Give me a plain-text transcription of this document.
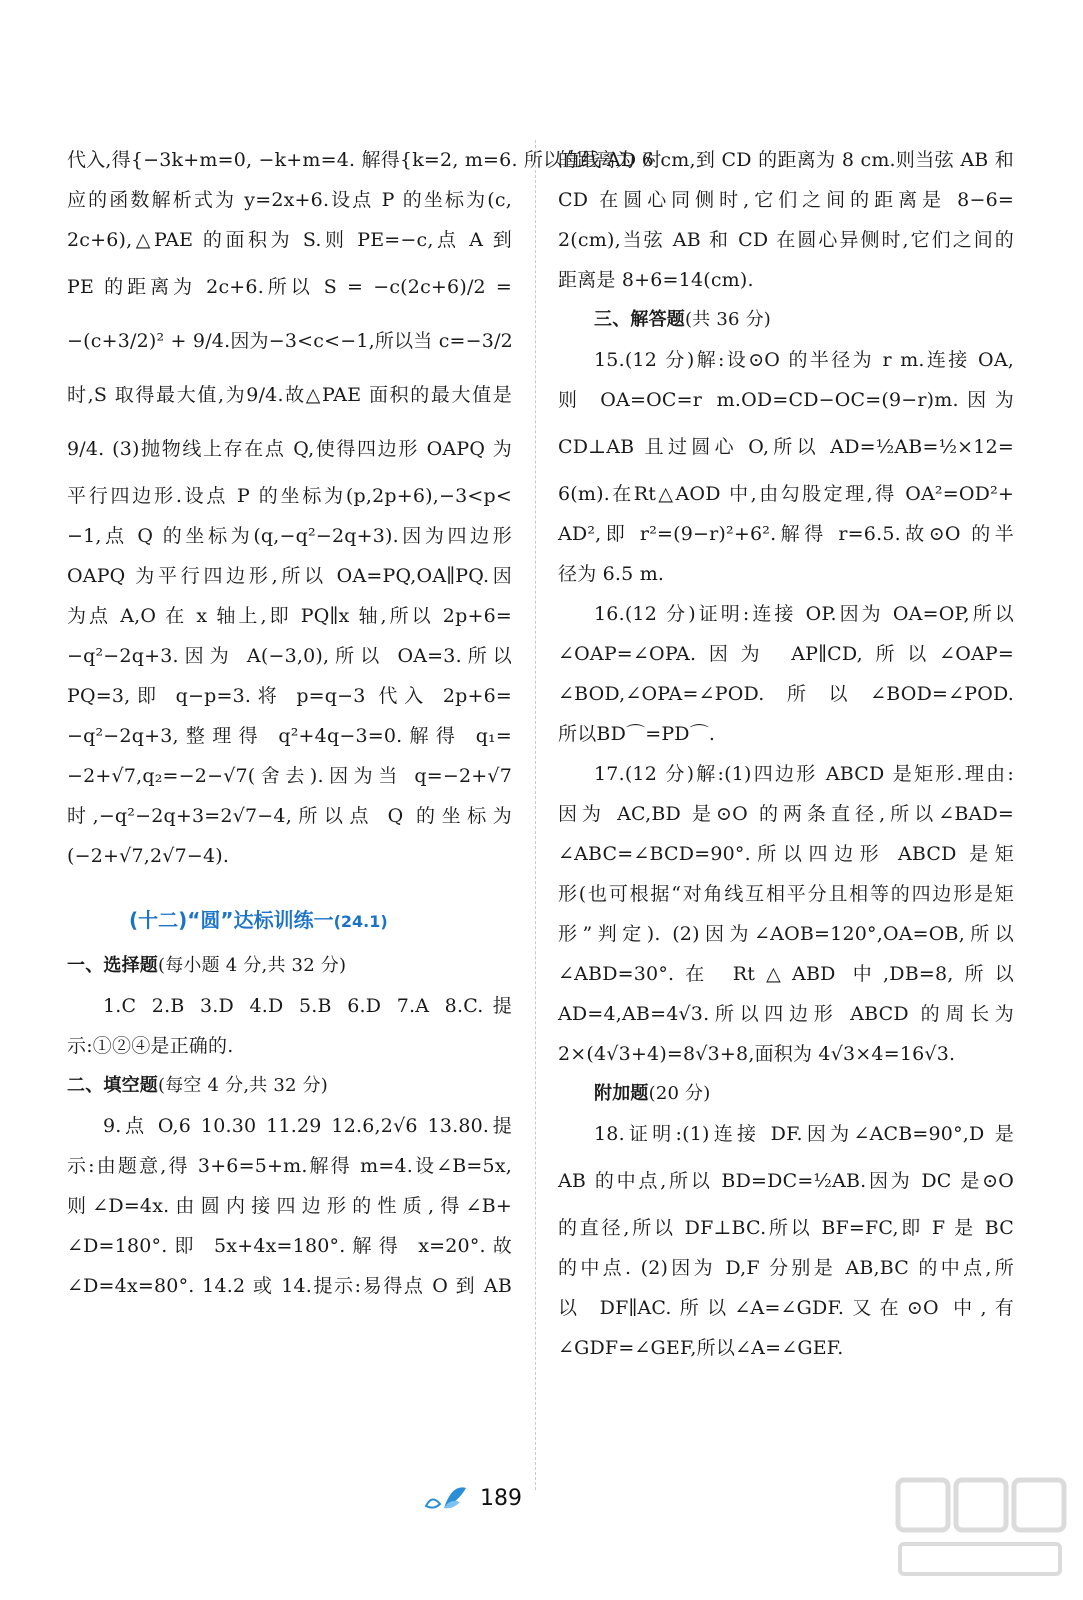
代入,得{−3k+m=0, −k+m=4. 解得{k=2, m=6. 所以直线 AD 对
应的函数解析式为 y=2x+6.设点 P 的坐标为(c,
2c+6),△PAE 的面积为 S.则 PE=−c,点 A 到
PE 的距离为 2c+6.所以 S = −c(2c+6)/2 =
−(c+3/2)² + 9/4.因为−3<c<−1,所以当 c=−3/2
时,S 取得最大值,为9/4.故△PAE 面积的最大值是
9/4. (3)抛物线上存在点 Q,使得四边形 OAPQ 为
平行四边形.设点 P 的坐标为(p,2p+6),−3<p<
−1,点 Q 的坐标为(q,−q²−2q+3).因为四边形
OAPQ 为平行四边形,所以 OA=PQ,OA∥PQ.因
为点 A,O 在 x 轴上,即 PQ∥x 轴,所以 2p+6=
−q²−2q+3.因为 A(−3,0),所以 OA=3.所以
PQ=3,即 q−p=3.将 p=q−3 代入 2p+6=
−q²−2q+3,整理得 q²+4q−3=0.解得 q₁=
−2+√7,q₂=−2−√7(舍去).因为当 q=−2+√7
时,−q²−2q+3=2√7−4,所以点 Q 的坐标为
(−2+√7,2√7−4).
(十二)“圆”达标训练一(24.1)
一、选择题(每小题 4 分,共 32 分)
1.C 2.B 3.D 4.D 5.B 6.D 7.A 8.C.提
示:①②④是正确的.
二、填空题(每空 4 分,共 32 分)
9.点 O,6 10.30 11.29 12.6,2√6 13.80.提
示:由题意,得 3+6=5+m.解得 m=4.设∠B=5x,
则∠D=4x.由圆内接四边形的性质,得∠B+
∠D=180°.即 5x+4x=180°.解得 x=20°.故
∠D=4x=80°. 14.2 或 14.提示:易得点 O 到 AB
的距离为 6 cm,到 CD 的距离为 8 cm.则当弦 AB 和
CD 在圆心同侧时,它们之间的距离是 8−6=
2(cm),当弦 AB 和 CD 在圆心异侧时,它们之间的
距离是 8+6=14(cm).
三、解答题(共 36 分)
15.(12 分)解:设⊙O 的半径为 r m.连接 OA,
则 OA=OC=r m.OD=CD−OC=(9−r)m.因为
CD⊥AB 且过圆心 O,所以 AD=½AB=½×12=
6(m).在Rt△AOD 中,由勾股定理,得 OA²=OD²+
AD²,即 r²=(9−r)²+6².解得 r=6.5.故⊙O 的半
径为 6.5 m.
16.(12 分)证明:连接 OP.因为 OA=OP,所以
∠OAP=∠OPA.因为 AP∥CD,所以∠OAP=
∠BOD,∠OPA=∠POD.所以∠BOD=∠POD.
所以BD⌒=PD⌒.
17.(12 分)解:(1)四边形 ABCD 是矩形.理由:
因为 AC,BD 是⊙O 的两条直径,所以∠BAD=
∠ABC=∠BCD=90°.所以四边形 ABCD 是矩
形(也可根据“对角线互相平分且相等的四边形是矩
形”判定). (2)因为∠AOB=120°,OA=OB,所以
∠ABD=30°.在 Rt△ABD 中,DB=8,所以
AD=4,AB=4√3.所以四边形 ABCD 的周长为
2×(4√3+4)=8√3+8,面积为 4√3×4=16√3.
附加题(20 分)
18.证明:(1)连接 DF.因为∠ACB=90°,D 是
AB 的中点,所以 BD=DC=½AB.因为 DC 是⊙O
的直径,所以 DF⊥BC.所以 BF=FC,即 F 是 BC
的中点. (2)因为 D,F 分别是 AB,BC 的中点,所
以 DF∥AC.所以∠A=∠GDF.又在⊙O 中,有
∠GDF=∠GEF,所以∠A=∠GEF.
189
